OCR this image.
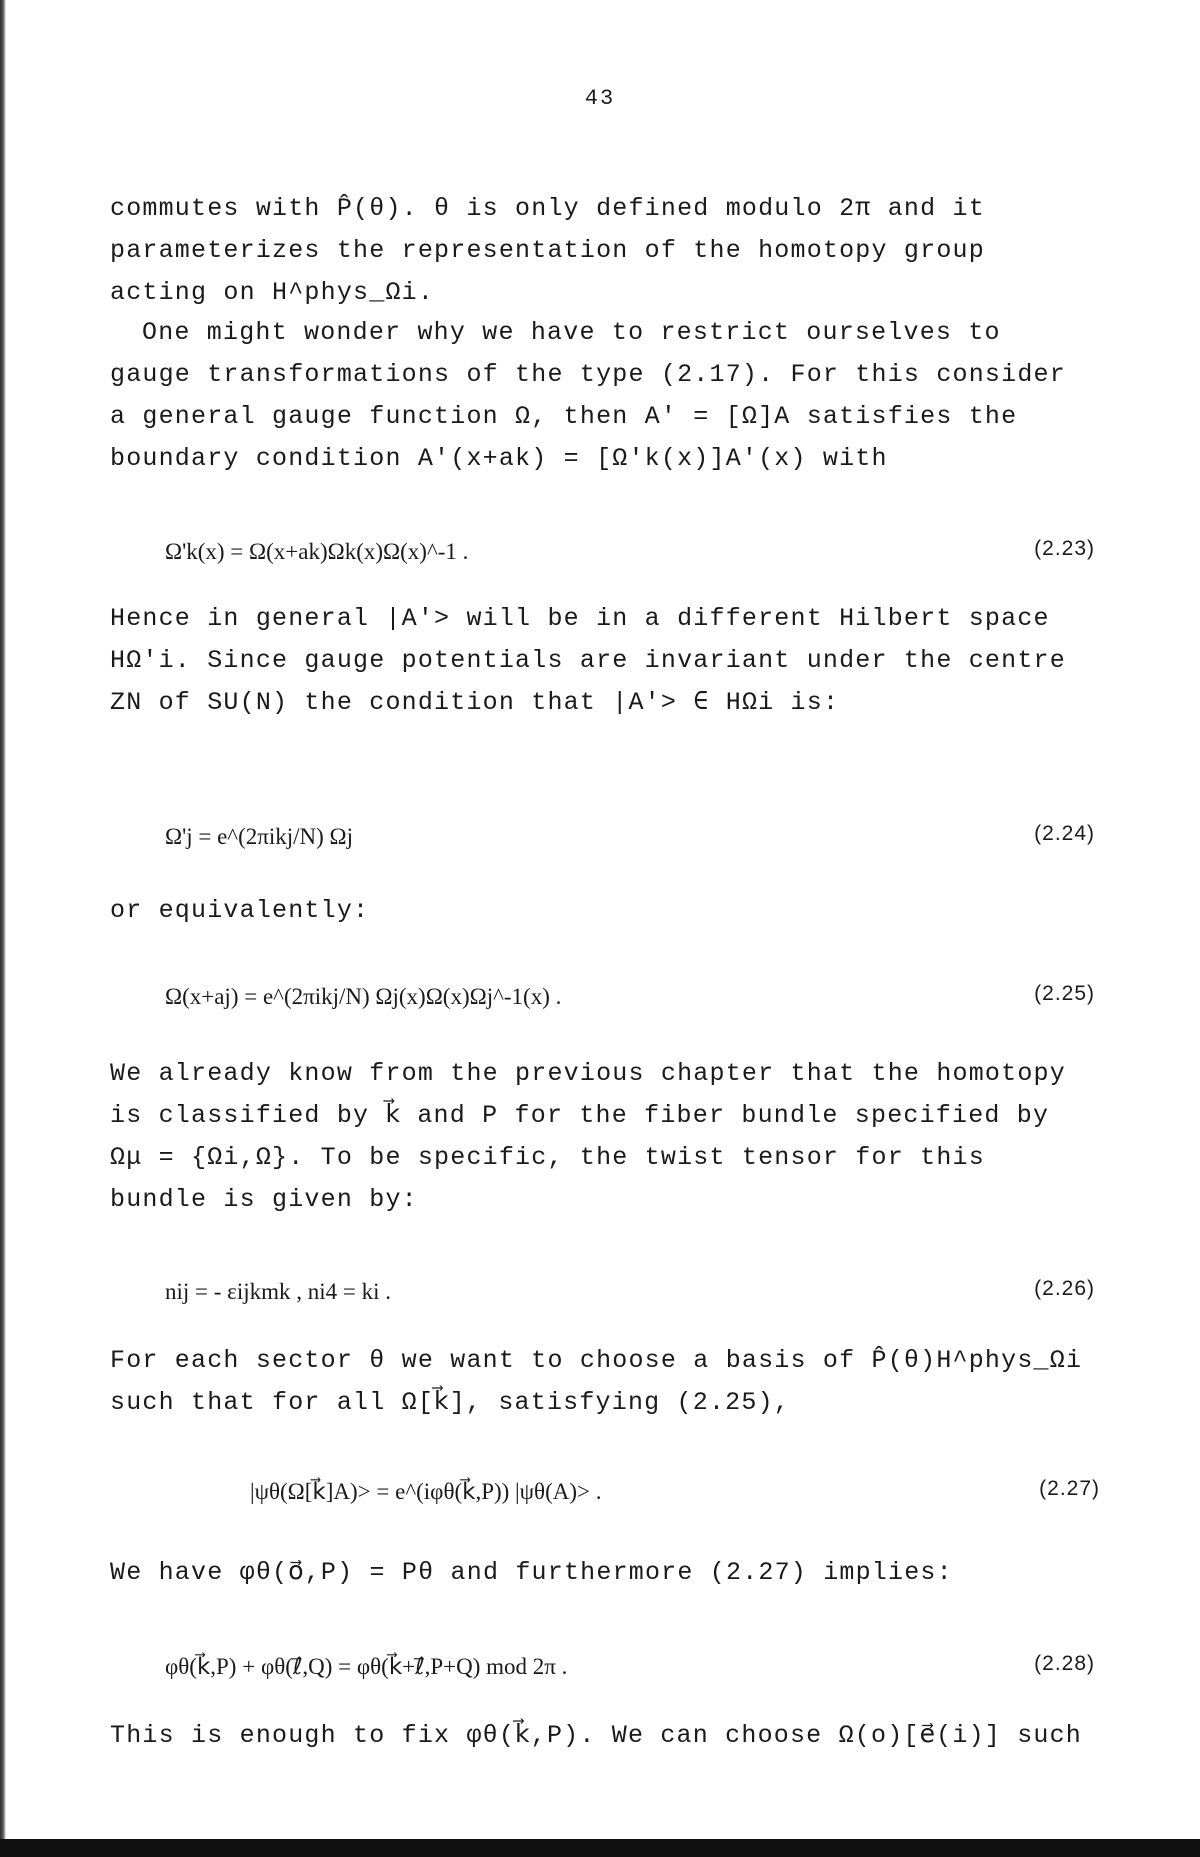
43
commutes with P̂(θ). θ is only defined modulo 2π and it
parameterizes the representation of the homotopy group
acting on H^phys_Ωi.
One might wonder why we have to restrict ourselves to
gauge transformations of the type (2.17). For this consider
a general gauge function Ω, then A' = [Ω]A satisfies the
boundary condition A'(x+ak) = [Ω'k(x)]A'(x) with
Ω'k(x) = Ω(x+ak)Ωk(x)Ω(x)^-1 .	(2.23)
Hence in general |A'> will be in a different Hilbert space
HΩ'i. Since gauge potentials are invariant under the centre
ZN of SU(N) the condition that |A'> ∈ HΩi is:
Ω'j = e^(2πikj/N) Ωj	(2.24)
or equivalently:
Ω(x+aj) = e^(2πikj/N) Ωj(x)Ω(x)Ωj^-1(x) .	(2.25)
We already know from the previous chapter that the homotopy
is classified by k⃗ and P for the fiber bundle specified by
Ωμ = {Ωi,Ω}. To be specific, the twist tensor for this
bundle is given by:
nij = - εijkmk , ni4 = ki .	(2.26)
For each sector θ we want to choose a basis of P̂(θ)H^phys_Ωi
such that for all Ω[k⃗], satisfying (2.25),
|ψθ(Ω[k⃗]A)> = e^(iφθ(k⃗,P)) |ψθ(A)> .	(2.27)
We have φθ(o⃗,P) = Pθ and furthermore (2.27) implies:
φθ(k⃗,P) + φθ(ℓ⃗,Q) = φθ(k⃗+ℓ⃗,P+Q) mod 2π .	(2.28)
This is enough to fix φθ(k⃗,P). We can choose Ω(o)[e⃗(i)] such
